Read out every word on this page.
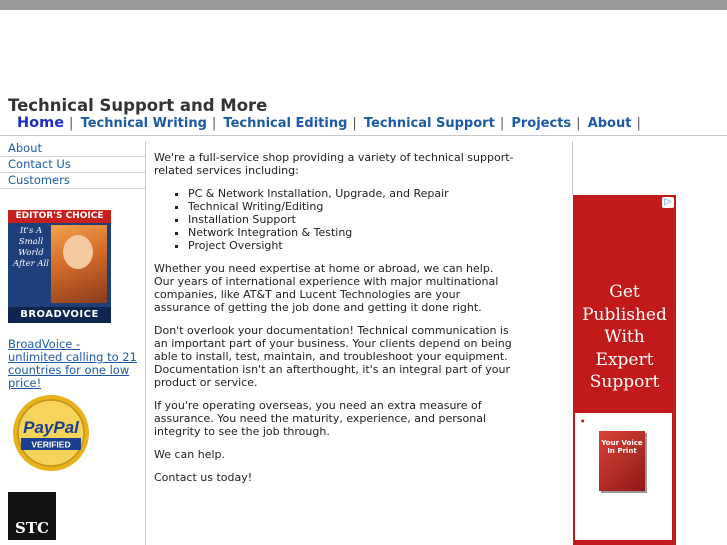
Technical Support and More
Home | Technical Writing | Technical Editing | Technical Support | Projects | About |
About
Contact Us
Customers
EDITOR'S CHOICE
It's A Small World After All
BROADVOICE
BroadVoice - unlimited calling to 21 countries for one low price!
PayPal
VERIFIED
STC

We're a full-service shop providing a variety of technical support-related services including:

▪ PC & Network Installation, Upgrade, and Repair
▪ Technical Writing/Editing
▪ Installation Support
▪ Network Integration & Testing
▪ Project Oversight

Whether you need expertise at home or abroad, we can help. Our years of international experience with major multinational companies, like AT&T and Lucent Technologies are your assurance of getting the job done and getting it done right.

Don't overlook your documentation! Technical communication is an important part of your business. Your clients depend on being able to install, test, maintain, and troubleshoot your equipment. Documentation isn't an afterthought, it's an integral part of your product or service.

If you're operating overseas, you need an extra measure of assurance. You need the maturity, experience, and personal integrity to see the job through.

We can help.

Contact us today!

▷
Get Published With Expert Support
●
Your Voice In Print
